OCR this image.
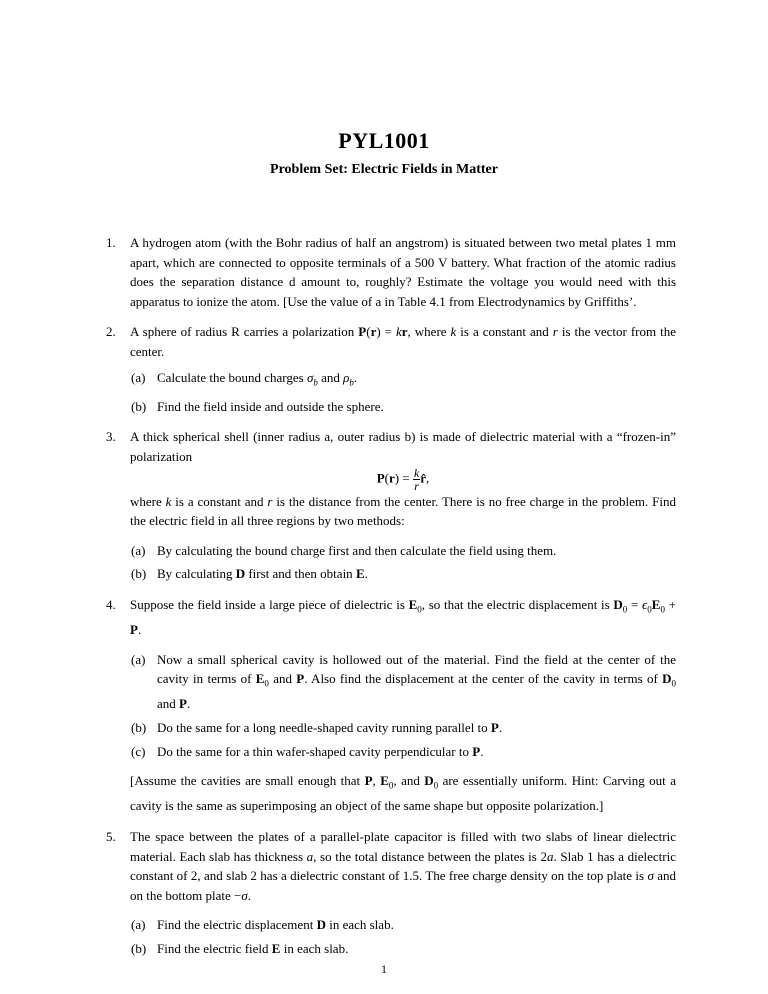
PYL1001
Problem Set: Electric Fields in Matter
1. A hydrogen atom (with the Bohr radius of half an angstrom) is situated between two metal plates 1 mm apart, which are connected to opposite terminals of a 500 V battery. What fraction of the atomic radius does the separation distance d amount to, roughly? Estimate the voltage you would need with this apparatus to ionize the atom. [Use the value of a in Table 4.1 from Electrodynamics by Griffiths’.
2. A sphere of radius R carries a polarization P(r) = kr, where k is a constant and r is the vector from the center.
(a) Calculate the bound charges $\sigma_b$ and $\rho_b$.
(b) Find the field inside and outside the sphere.
3. A thick spherical shell (inner radius a, outer radius b) is made of dielectric material with a “frozen-in” polarization
$P(r) = \frac{k}{r}$ r̂,
where k is a constant and r is the distance from the center. There is no free charge in the problem. Find the electric field in all three regions by two methods:
(a) By calculating the bound charge first and then calculate the field using them.
(b) By calculating D first and then obtain E.
4. Suppose the field inside a large piece of dielectric is $E_0$, so that the electric displacement is $D_0 = \epsilon_0E_0 + P$.
(a) Now a small spherical cavity is hollowed out of the material. Find the field at the center of the cavity in terms of $E_0$ and P. Also find the displacement at the center of the cavity in terms of $D_0$ and P.
(b) Do the same for a long needle-shaped cavity running parallel to P.
(c) Do the same for a thin wafer-shaped cavity perpendicular to P.
[Assume the cavities are small enough that P, $E_0$, and $D_0$ are essentially uniform. Hint: Carving out a cavity is the same as superimposing an object of the same shape but opposite polarization.]
5. The space between the plates of a parallel-plate capacitor is filled with two slabs of linear dielectric material. Each slab has thickness a, so the total distance between the plates is 2a. Slab 1 has a dielectric constant of 2, and slab 2 has a dielectric constant of 1.5. The free charge density on the top plate is σ and on the bottom plate −σ.
(a) Find the electric displacement D in each slab.
(b) Find the electric field E in each slab.
1
